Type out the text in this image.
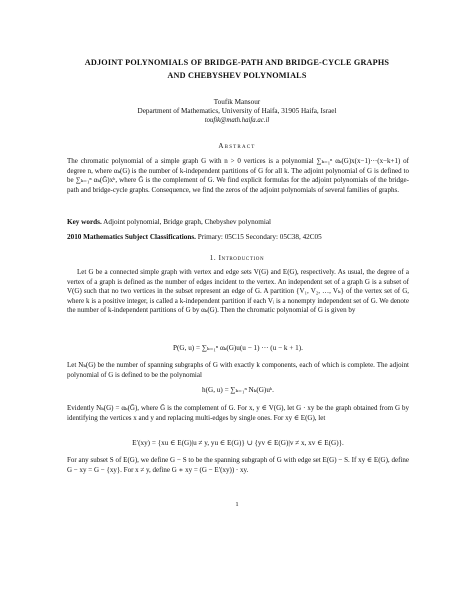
ADJOINT POLYNOMIALS OF BRIDGE-PATH AND BRIDGE-CYCLE GRAPHS
AND CHEBYSHEV POLYNOMIALS
Toufik Mansour
Department of Mathematics, University of Haifa, 31905 Haifa, Israel
toufik@math.haifa.ac.il
Abstract
The chromatic polynomial of a simple graph G with n > 0 vertices is a polynomial ∑ₖ₌₁ⁿ αₖ(G)x(x−1)···(x−k+1) of degree n, where αₖ(G) is the number of k-independent partitions of G for all k. The adjoint polynomial of G is defined to be ∑ₖ₌₁ⁿ αₖ(Ḡ)xᵏ, where Ḡ is the complement of G. We find explicit formulas for the adjoint polynomials of the bridge-path and bridge-cycle graphs. Consequence, we find the zeros of the adjoint polynomials of several families of graphs.
Key words. Adjoint polynomial, Bridge graph, Chebyshev polynomial
2010 Mathematics Subject Classifications. Primary: 05C15 Secondary: 05C38, 42C05
1. Introduction

Let G be a connected simple graph with vertex and edge sets V(G) and E(G), respectively. As usual, the degree of a vertex of a graph is defined as the number of edges incident to the vertex. An independent set of a graph G is a subset of V(G) such that no two vertices in the subset represent an edge of G. A partition {V₁, V₂, …, Vₖ} of the vertex set of G, where k is a positive integer, is called a k-independent partition if each Vᵢ is a nonempty independent set of G. We denote the number of k-independent partitions of G by αₖ(G). Then the chromatic polynomial of G is given by

P(G, u) = ∑ₖ₌₁ⁿ αₖ(G)u(u − 1) ··· (u − k + 1).

Let Nₖ(G) be the number of spanning subgraphs of G with exactly k components, each of which is complete. The adjoint polynomial of G is defined to be the polynomial

h(G, u) = ∑ₖ₌₁ⁿ Nₖ(G)uᵏ.

Evidently Nₖ(G) = αₖ(Ḡ), where Ḡ is the complement of G. For x, y ∈ V(G), let G · xy be the graph obtained from G by identifying the vertices x and y and replacing multi-edges by single ones. For xy ∈ E(G), let

E′(xy) = {xu ∈ E(G)|u ≠ y, yu ∈ E(G)} ∪ {yv ∈ E(G)|v ≠ x, xv ∈ E(G)}.

For any subset S of E(G), we define G − S to be the spanning subgraph of G with edge set E(G) − S. If xy ∈ E(G), define G − xy = G − {xy}. For x ≠ y, define G ∗ xy = (G − E′(xy)) · xy.

1
